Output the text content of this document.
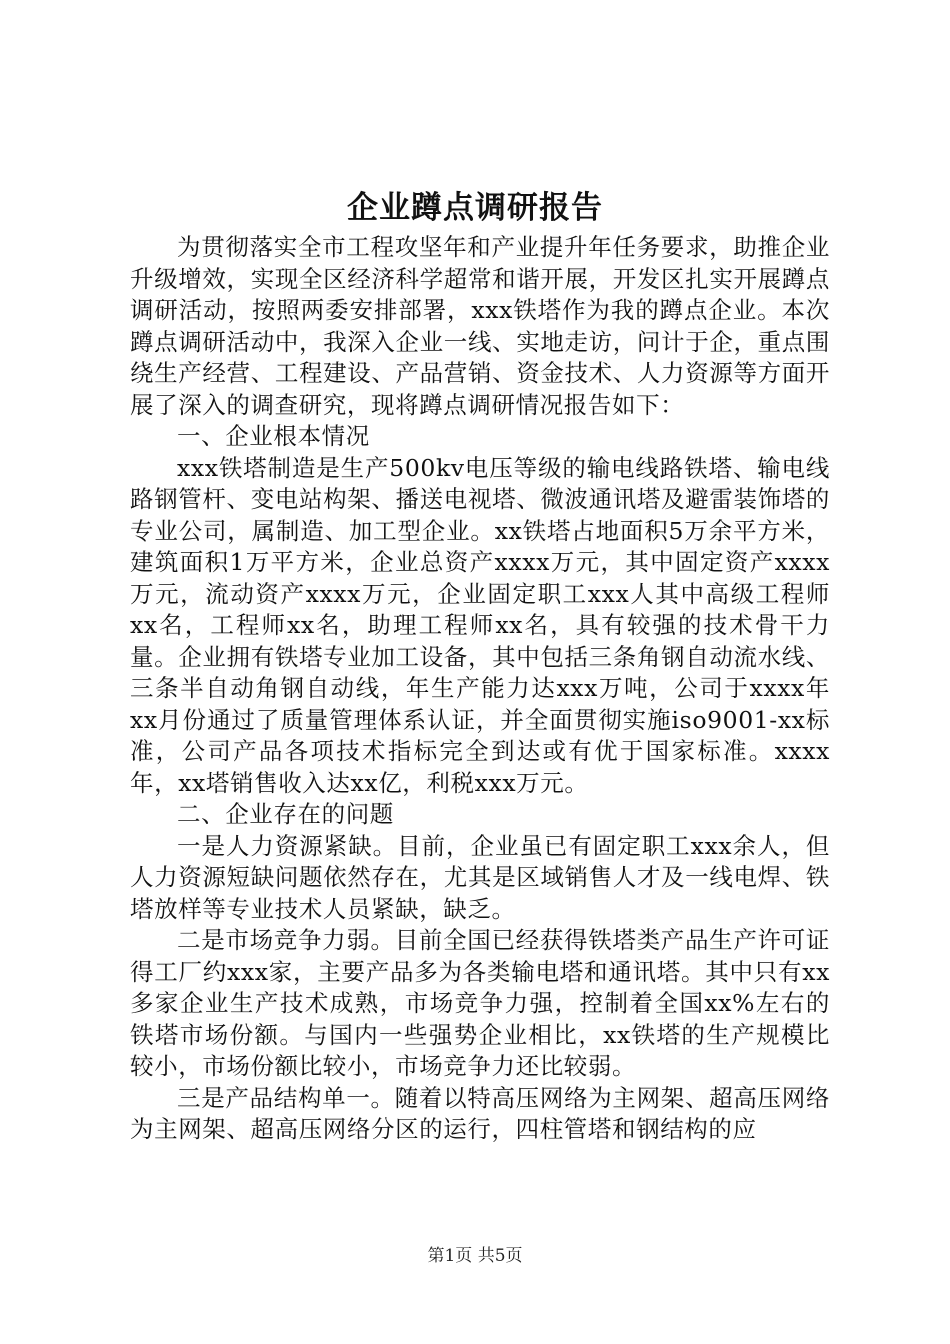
企业蹲点调研报告

为贯彻落实全市工程攻坚年和产业提升年任务要求，助推企业升级增效，实现全区经济科学超常和谐开展，开发区扎实开展蹲点调研活动，按照两委安排部署，xxx铁塔作为我的蹲点企业。本次蹲点调研活动中，我深入企业一线、实地走访，问计于企，重点围绕生产经营、工程建设、产品营销、资金技术、人力资源等方面开展了深入的调查研究，现将蹲点调研情况报告如下：

一、企业根本情况

xxx铁塔制造是生产500kv电压等级的输电线路铁塔、输电线路钢管杆、变电站构架、播送电视塔、微波通讯塔及避雷装饰塔的专业公司，属制造、加工型企业。xx铁塔占地面积5万余平方米，建筑面积1万平方米，企业总资产xxxx万元，其中固定资产xxxx万元，流动资产xxxx万元，企业固定职工xxx人其中高级工程师xx名，工程师xx名，助理工程师xx名，具有较强的技术骨干力量。企业拥有铁塔专业加工设备，其中包括三条角钢自动流水线、三条半自动角钢自动线，年生产能力达xxx万吨，公司于xxxx年xx月份通过了质量管理体系认证，并全面贯彻实施iso9001-xx标准，公司产品各项技术指标完全到达或有优于国家标准。xxxx年，xx塔销售收入达xx亿，利税xxx万元。

二、企业存在的问题

一是人力资源紧缺。目前，企业虽已有固定职工xxx余人，但人力资源短缺问题依然存在，尤其是区域销售人才及一线电焊、铁塔放样等专业技术人员紧缺，缺乏。

二是市场竞争力弱。目前全国已经获得铁塔类产品生产许可证得工厂约xxx家，主要产品多为各类输电塔和通讯塔。其中只有xx多家企业生产技术成熟，市场竞争力强，控制着全国xx%左右的铁塔市场份额。与国内一些强势企业相比，xx铁塔的生产规模比较小，市场份额比较小，市场竞争力还比较弱。

三是产品结构单一。随着以特高压网络为主网架、超高压网络为主网架、超高压网络分区的运行，四柱管塔和钢结构的应

第1页 共5页
